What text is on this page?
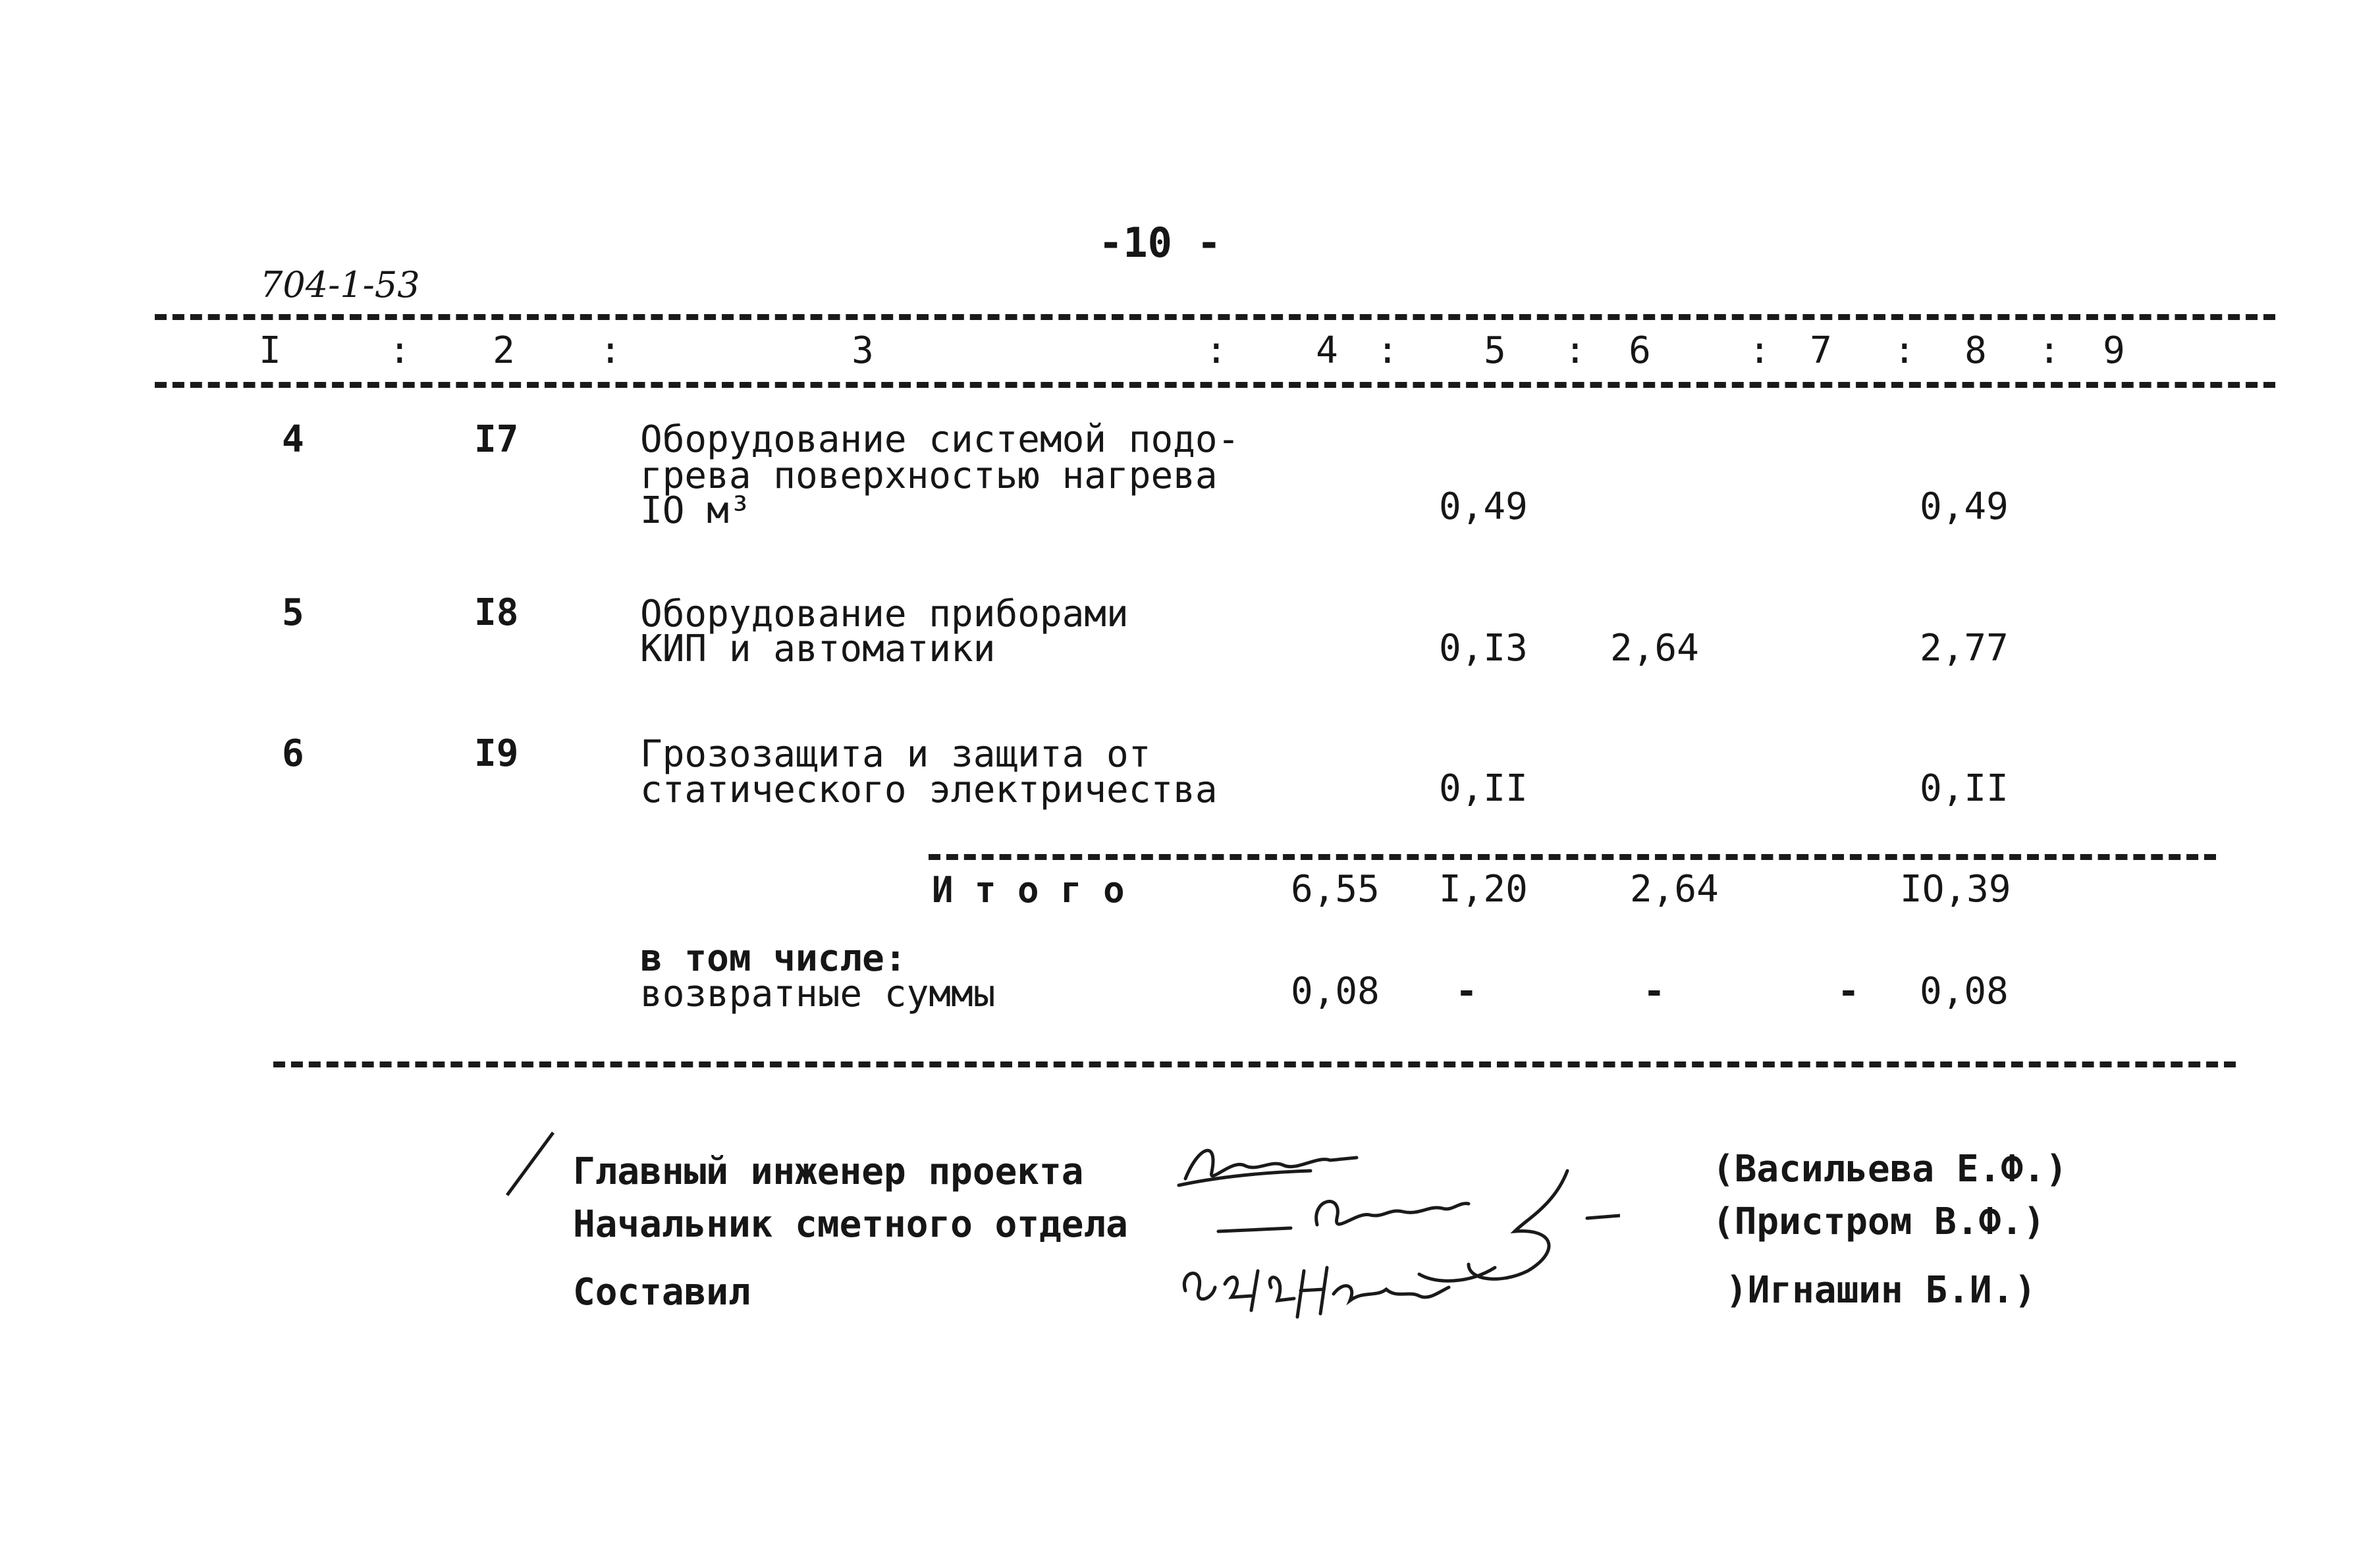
-10 -
704-1-53
I	: 2 :	3	: 4 : 5 : 6	: 7 : 8 : 9
4	I7	Оборудование системой подо-
грева поверхностью нагрева
IO м³	0,49	0,49
5	I8	Оборудование приборами
КИП и автоматики	0,I3 2,64	2,77
6	I9	Грозозащита и защита от
статического электричества	0,II	0,II
И т о г о	6,55 I,20	2,64	IO,39
в том числе:
возвратные суммы	0,08 -	-	- 0,08
Главный инженер проекта	(Васильева Е.Ф.)
Начальник сметного отдела	(Пристром В.Ф.)
Составил	)Игнашин Б.И.)
